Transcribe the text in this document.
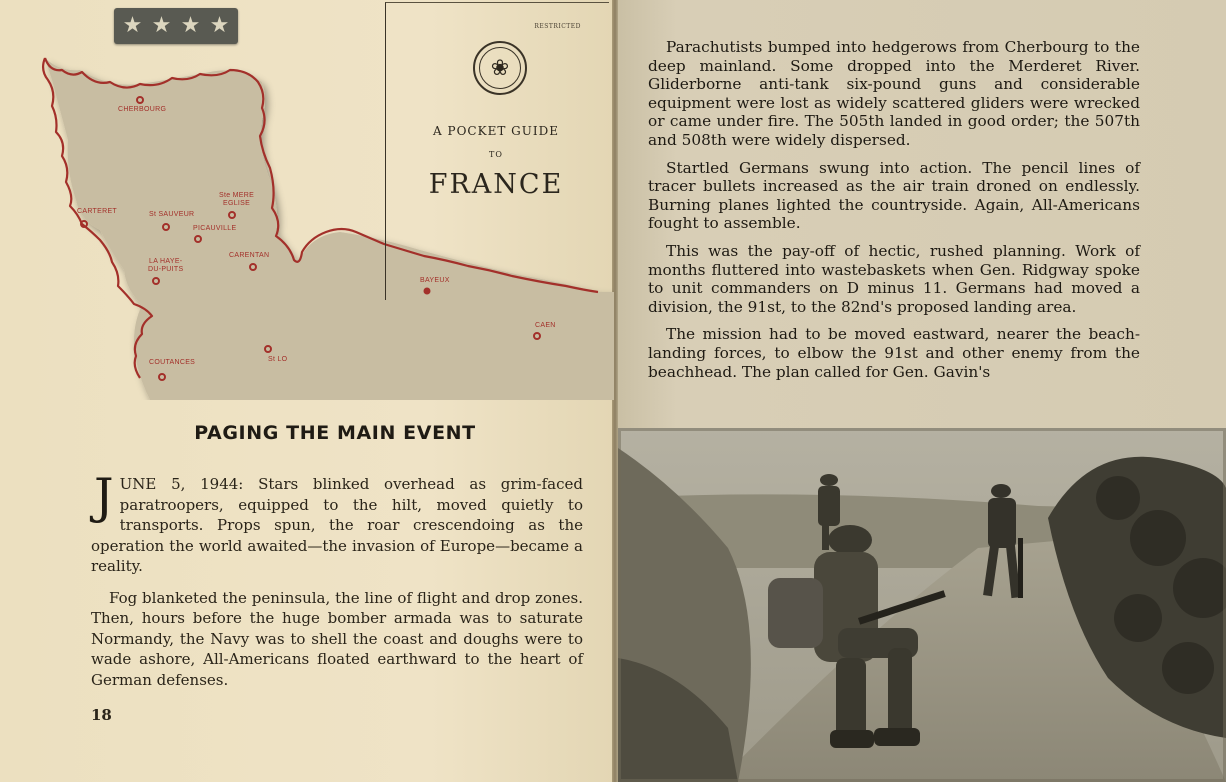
★ ★ ★ ★
CHERBOURG
CARTERET
Ste MERE
EGLISE
St SAUVEUR
PICAUVILLE
CARENTAN
LA HAYE-
DU-PUITS
BAYEUX
CAEN
COUTANCES	St LO
RESTRICTED
❀
A POCKET GUIDE
TO
FRANCE
PAGING THE MAIN EVENT

JUNE 5, 1944: Stars blinked overhead as grim-faced paratroopers, equipped to the hilt, moved quietly to transports. Props spun, the roar crescendoing as the operation the world awaited—the invasion of Europe—became a reality.

Fog blanketed the peninsula, the line of flight and drop zones. Then, hours before the huge bomber armada was to saturate Normandy, the Navy was to shell the coast and doughs were to wade ashore, All-Americans floated earthward to the heart of German defenses.

18

Parachutists bumped into hedgerows from Cherbourg to the deep mainland. Some dropped into the Merderet River. Gliderborne anti-tank six-pound guns and considerable equipment were lost as widely scattered gliders were wrecked or came under fire. The 505th landed in good order; the 507th and 508th were widely dispersed.

Startled Germans swung into action. The pencil lines of tracer bullets increased as the air train droned on endlessly. Burning planes lighted the countryside. Again, All-Americans fought to assemble.

This was the pay-off of hectic, rushed planning. Work of months fluttered into wastebaskets when Gen. Ridgway spoke to unit commanders on D minus 11. Germans had moved a division, the 91st, to the 82nd's proposed landing area.

The mission had to be moved eastward, nearer the beach-landing forces, to elbow the 91st and other enemy from the beachhead. The plan called for Gen. Gavin's
